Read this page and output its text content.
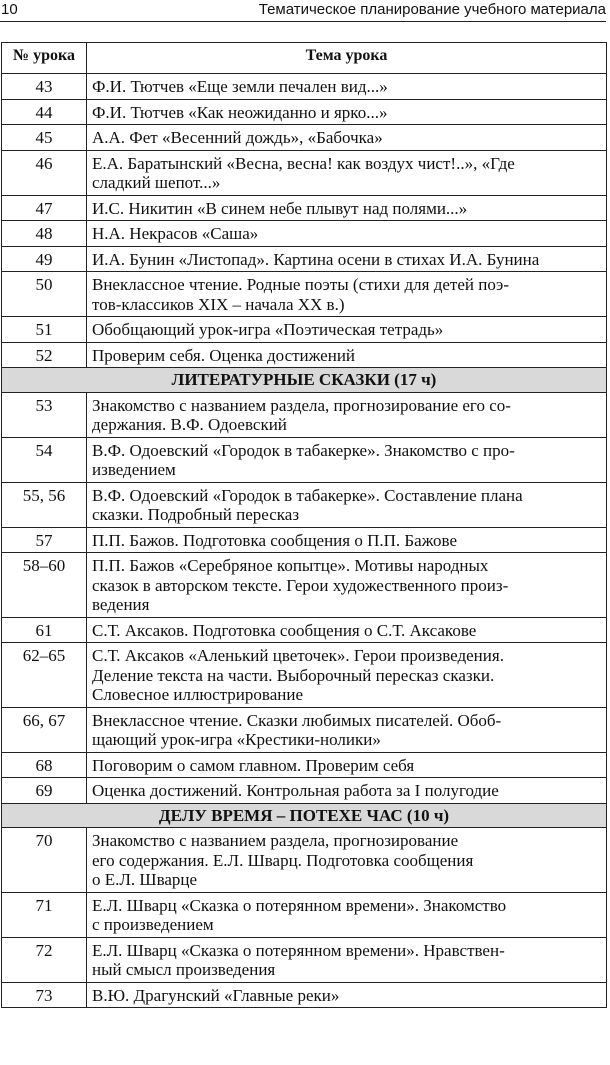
10	Тематическое планирование учебного материала
№ урока	Тема урока
43	Ф.И. Тютчев «Еще земли печален вид...»

44	Ф.И. Тютчев «Как неожиданно и ярко...»

45	А.А. Фет «Весенний дождь», «Бабочка»

46	Е.А. Баратынский «Весна, весна! как воздух чист!..», «Где
сладкий шепот...»

47	И.С. Никитин «В синем небе плывут над полями...»

48	Н.А. Некрасов «Саша»

49	И.А. Бунин «Листопад». Картина осени в стихах И.А. Бунина

50	Внеклассное чтение. Родные поэты (стихи для детей поэ-
тов-классиков XIX – начала XX в.)

51	Обобщающий урок-игра «Поэтическая тетрадь»

52	Проверим себя. Оценка достижений

ЛИТЕРАТУРНЫЕ СКАЗКИ (17 ч)	
53	Знакомство с названием раздела, прогнозирование его со-
держания. В.Ф. Одоевский

54	В.Ф. Одоевский «Городок в табакерке». Знакомство с про-
изведением

55, 56	В.Ф. Одоевский «Городок в табакерке». Составление плана
сказки. Подробный пересказ

57	П.П. Бажов. Подготовка сообщения о П.П. Бажове

58–60	П.П. Бажов «Серебряное копытце». Мотивы народных
сказок в авторском тексте. Герои художественного произ-
ведения

61	С.Т. Аксаков. Подготовка сообщения о С.Т. Аксакове

62–65	С.Т. Аксаков «Аленький цветочек». Герои произведения.
Деление текста на части. Выборочный пересказ сказки.
Словесное иллюстрирование

66, 67	Внеклассное чтение. Сказки любимых писателей. Обоб-
щающий урок-игра «Крестики-нолики»

68	Поговорим о самом главном. Проверим себя

69	Оценка достижений. Контрольная работа за I полугодие

ДЕЛУ ВРЕМЯ – ПОТЕХЕ ЧАС (10 ч)	
70	Знакомство с названием раздела, прогнозирование
его содержания. Е.Л. Шварц. Подготовка сообщения
о Е.Л. Шварце

71	Е.Л. Шварц «Сказка о потерянном времени». Знакомство
с произведением

72	Е.Л. Шварц «Сказка о потерянном времени». Нравствен-
ный смысл произведения

73	В.Ю. Драгунский «Главные реки»
